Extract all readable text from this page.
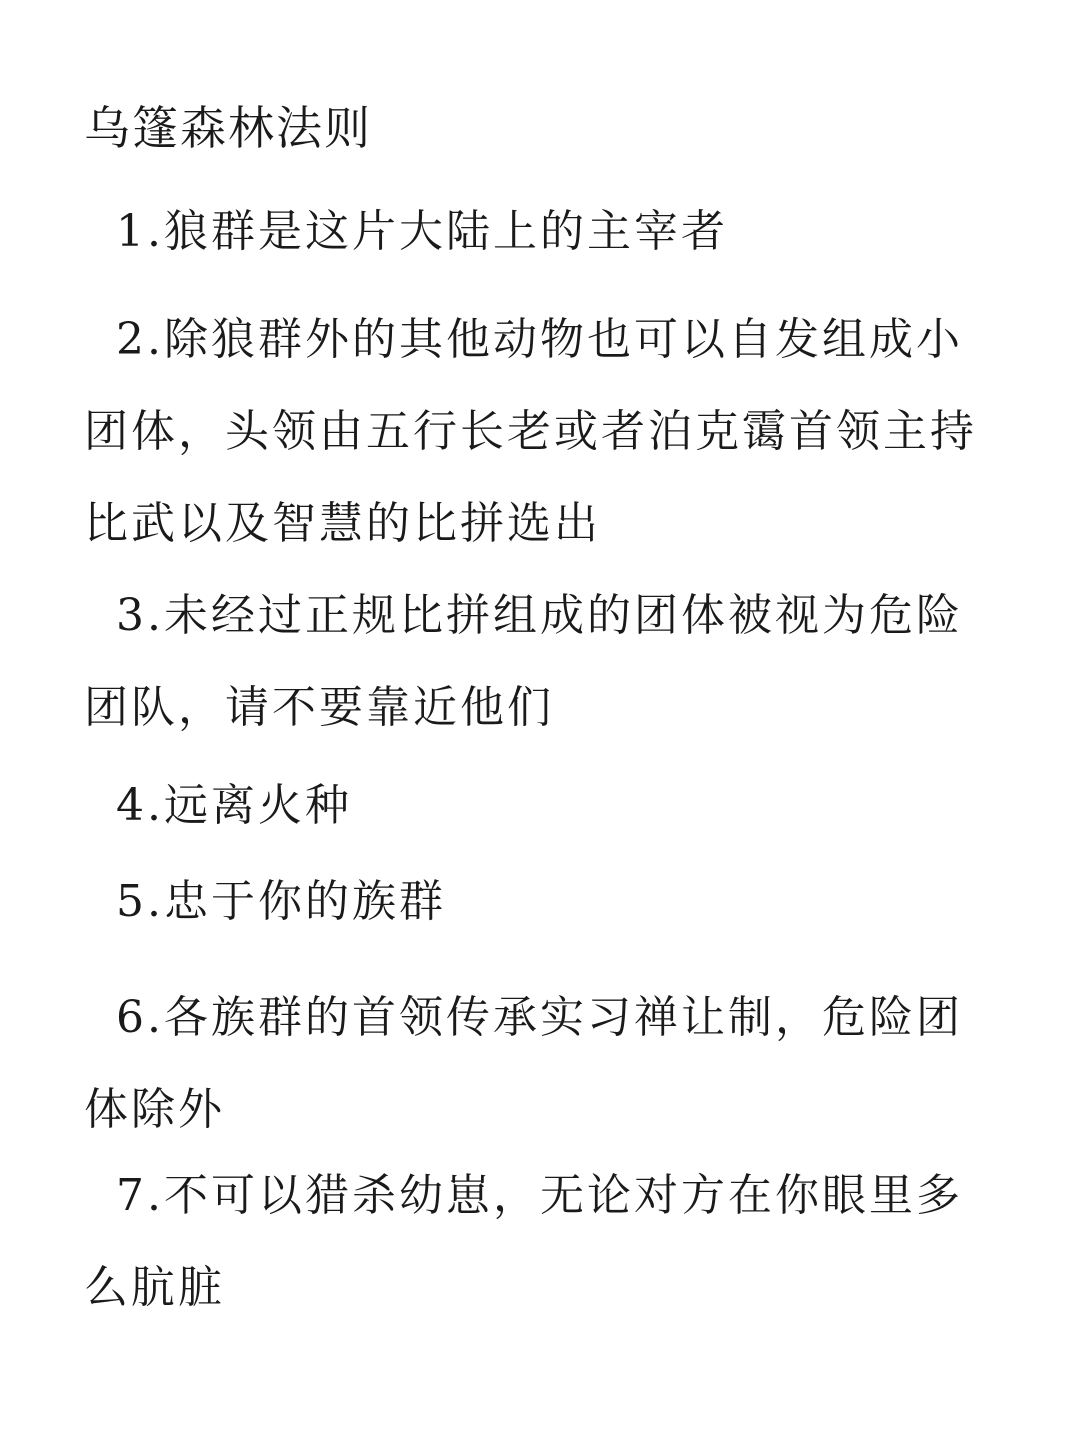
乌篷森林法则

1.狼群是这片大陆上的主宰者

2.除狼群外的其他动物也可以自发组成小团体，头领由五行长老或者泊克霭首领主持比武以及智慧的比拼选出

3.未经过正规比拼组成的团体被视为危险团队，请不要靠近他们

4.远离火种

5.忠于你的族群

6.各族群的首领传承实习禅让制，危险团体除外

7.不可以猎杀幼崽，无论对方在你眼里多么肮脏
